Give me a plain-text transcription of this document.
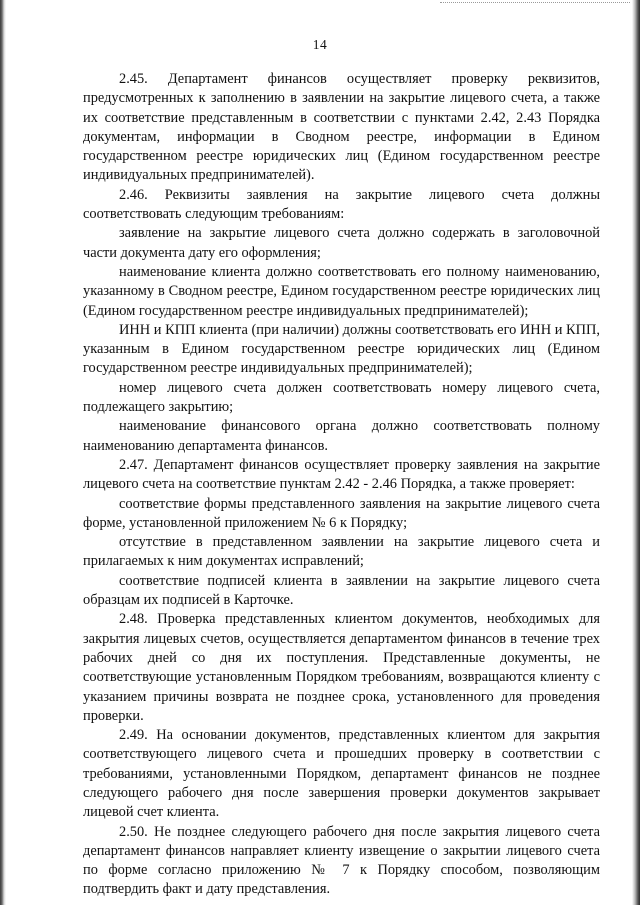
14

2.45. Департамент финансов осуществляет проверку реквизитов, предусмотренных к заполнению в заявлении на закрытие лицевого счета, а также их соответствие представленным в соответствии с пунктами 2.42, 2.43 Порядка документам, информации в Сводном реестре, информации в Едином государственном реестре юридических лиц (Едином государственном реестре индивидуальных предпринимателей).

2.46. Реквизиты заявления на закрытие лицевого счета должны соответствовать следующим требованиям:

заявление на закрытие лицевого счета должно содержать в заголовочной части документа дату его оформления;

наименование клиента должно соответствовать его полному наименованию, указанному в Сводном реестре, Едином государственном реестре юридических лиц (Едином государственном реестре индивидуальных предпринимателей);

ИНН и КПП клиента (при наличии) должны соответствовать его ИНН и КПП, указанным в Едином государственном реестре юридических лиц (Едином государственном реестре индивидуальных предпринимателей);

номер лицевого счета должен соответствовать номеру лицевого счета, подлежащего закрытию;

наименование финансового органа должно соответствовать полному наименованию департамента финансов.

2.47. Департамент финансов осуществляет проверку заявления на закрытие лицевого счета на соответствие пунктам 2.42 - 2.46 Порядка, а также проверяет:

соответствие формы представленного заявления на закрытие лицевого счета форме, установленной приложением № 6 к Порядку;

отсутствие в представленном заявлении на закрытие лицевого счета и прилагаемых к ним документах исправлений;

соответствие подписей клиента в заявлении на закрытие лицевого счета образцам их подписей в Карточке.

2.48. Проверка представленных клиентом документов, необходимых для закрытия лицевых счетов, осуществляется департаментом финансов в течение трех рабочих дней со дня их поступления. Представленные документы, не соответствующие установленным Порядком требованиям, возвращаются клиенту с указанием причины возврата не позднее срока, установленного для проведения проверки.

2.49. На основании документов, представленных клиентом для закрытия соответствующего лицевого счета и прошедших проверку в соответствии с требованиями, установленными Порядком, департамент финансов не позднее следующего рабочего дня после завершения проверки документов закрывает лицевой счет клиента.

2.50. Не позднее следующего рабочего дня после закрытия лицевого счета департамент финансов направляет клиенту извещение о закрытии лицевого счета по форме согласно приложению № 7 к Порядку способом, позволяющим подтвердить факт и дату представления.
